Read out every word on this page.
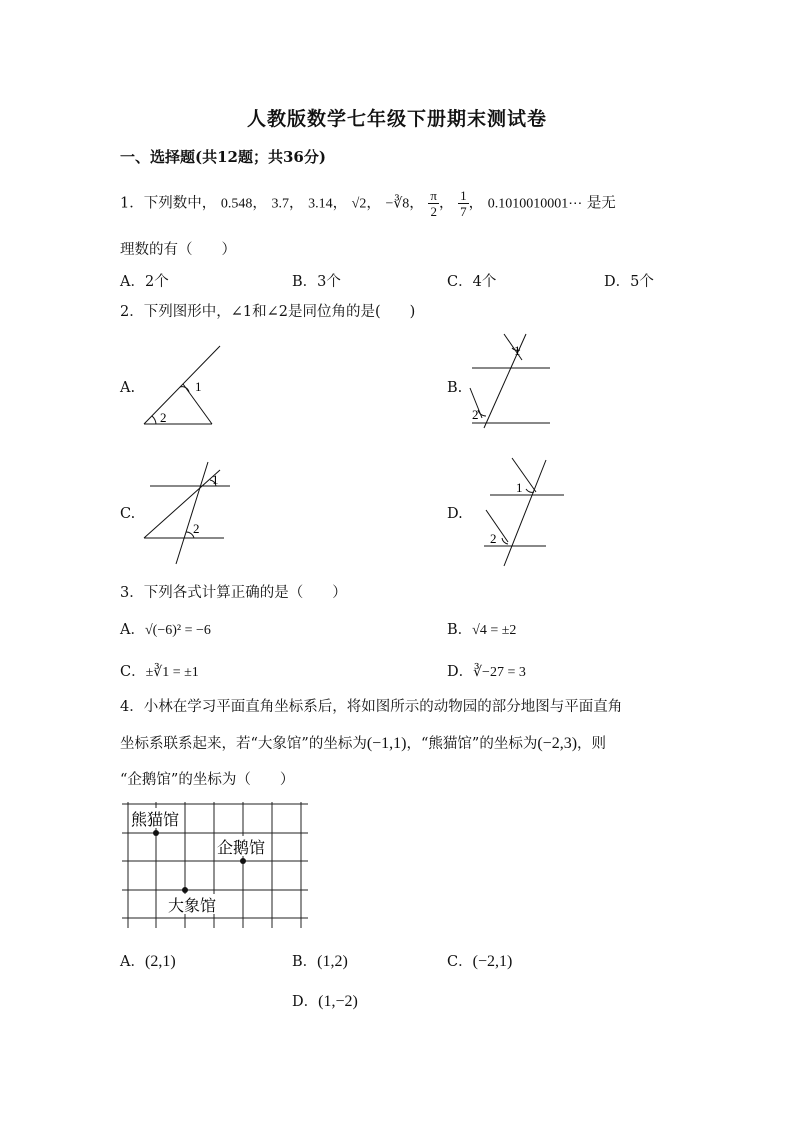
人教版数学七年级下册期末测试卷
一、选择题(共12题；共36分)
1．下列数中， 0.548， 3.7， 3.14， √2， −∛8， $\frac{\pi}{2}$ ， $\frac{1}{7}$ ， 0.1010010001⋯ 是无
理数的有（　　）
A．2个	B．3个	C．4个	D．5个
2．下列图形中，∠1和∠2是同位角的是(　　)
A.	B.
C.	D.
1
2
1
2
1
2
1
2
3．下列各式计算正确的是（　　）
A．√(−6)² = −6	B．√4 = ±2
C．±∛1 = ±1	D．∛−27 = 3
4．小林在学习平面直角坐标系后，将如图所示的动物园的部分地图与平面直角
坐标系联系起来，若“大象馆”的坐标为(−1,1)，“熊猫馆”的坐标为(−2,3)，则
“企鹅馆”的坐标为（　　）
熊猫馆
企鹅馆
大象馆
A．(2,1)	B．(1,2)	C．(−2,1)
D．(1,−2)
